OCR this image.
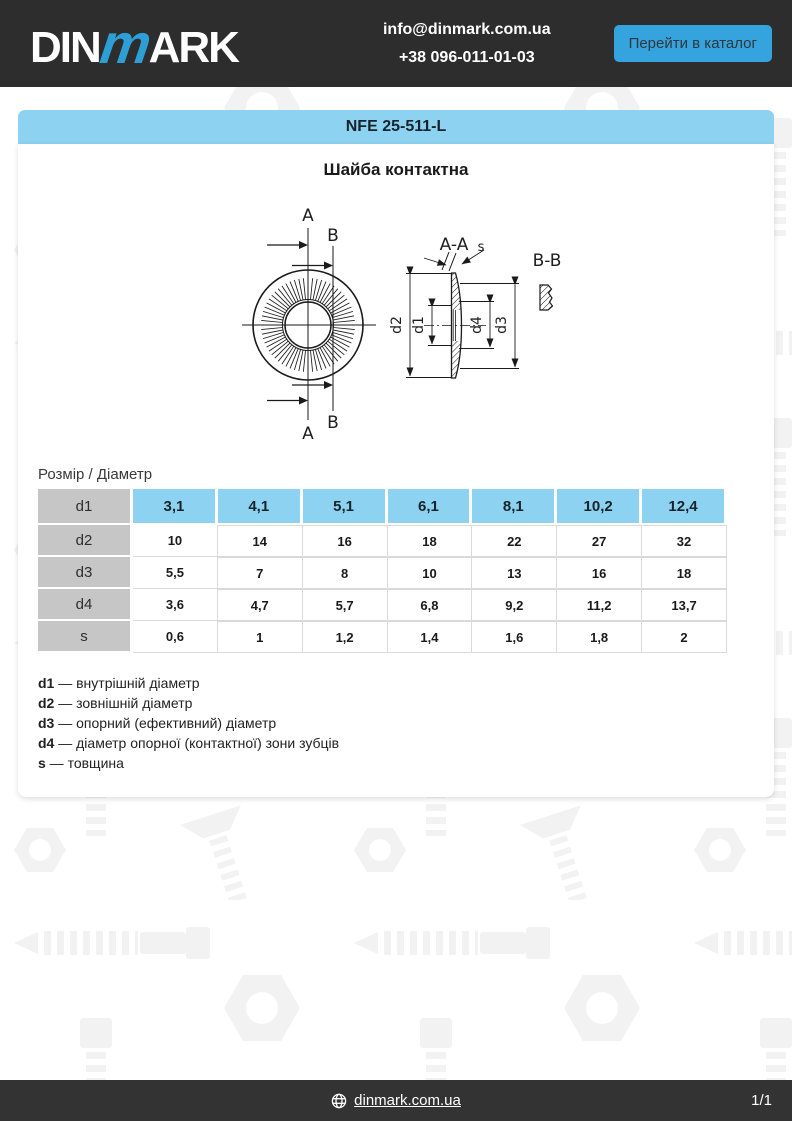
DINmARK	info@dinmark.com.ua
+38 096-011-01-03
Перейти в каталог
NFE 25-511-L
Шайба контактна
A
B
B
A
A-A s
d2 d1	d4 d3
B-B
Розмір / Діаметр
d1	3,1	4,1	5,1	6,1	8,1	10,2	12,4
d2	10	14	16	18	22	27	32
d3	5,5	7	8	10	13	16	18
d4	3,6	4,7	5,7	6,8	9,2	11,2	13,7
s	0,6	1	1,2	1,4	1,6	1,8	2
d1 — внутрішній діаметр
d2 — зовнішній діаметр
d3 — опорний (ефективний) діаметр
d4 — діаметр опорної (контактної) зони зубців
s — товщина
dinmark.com.ua	1/1
